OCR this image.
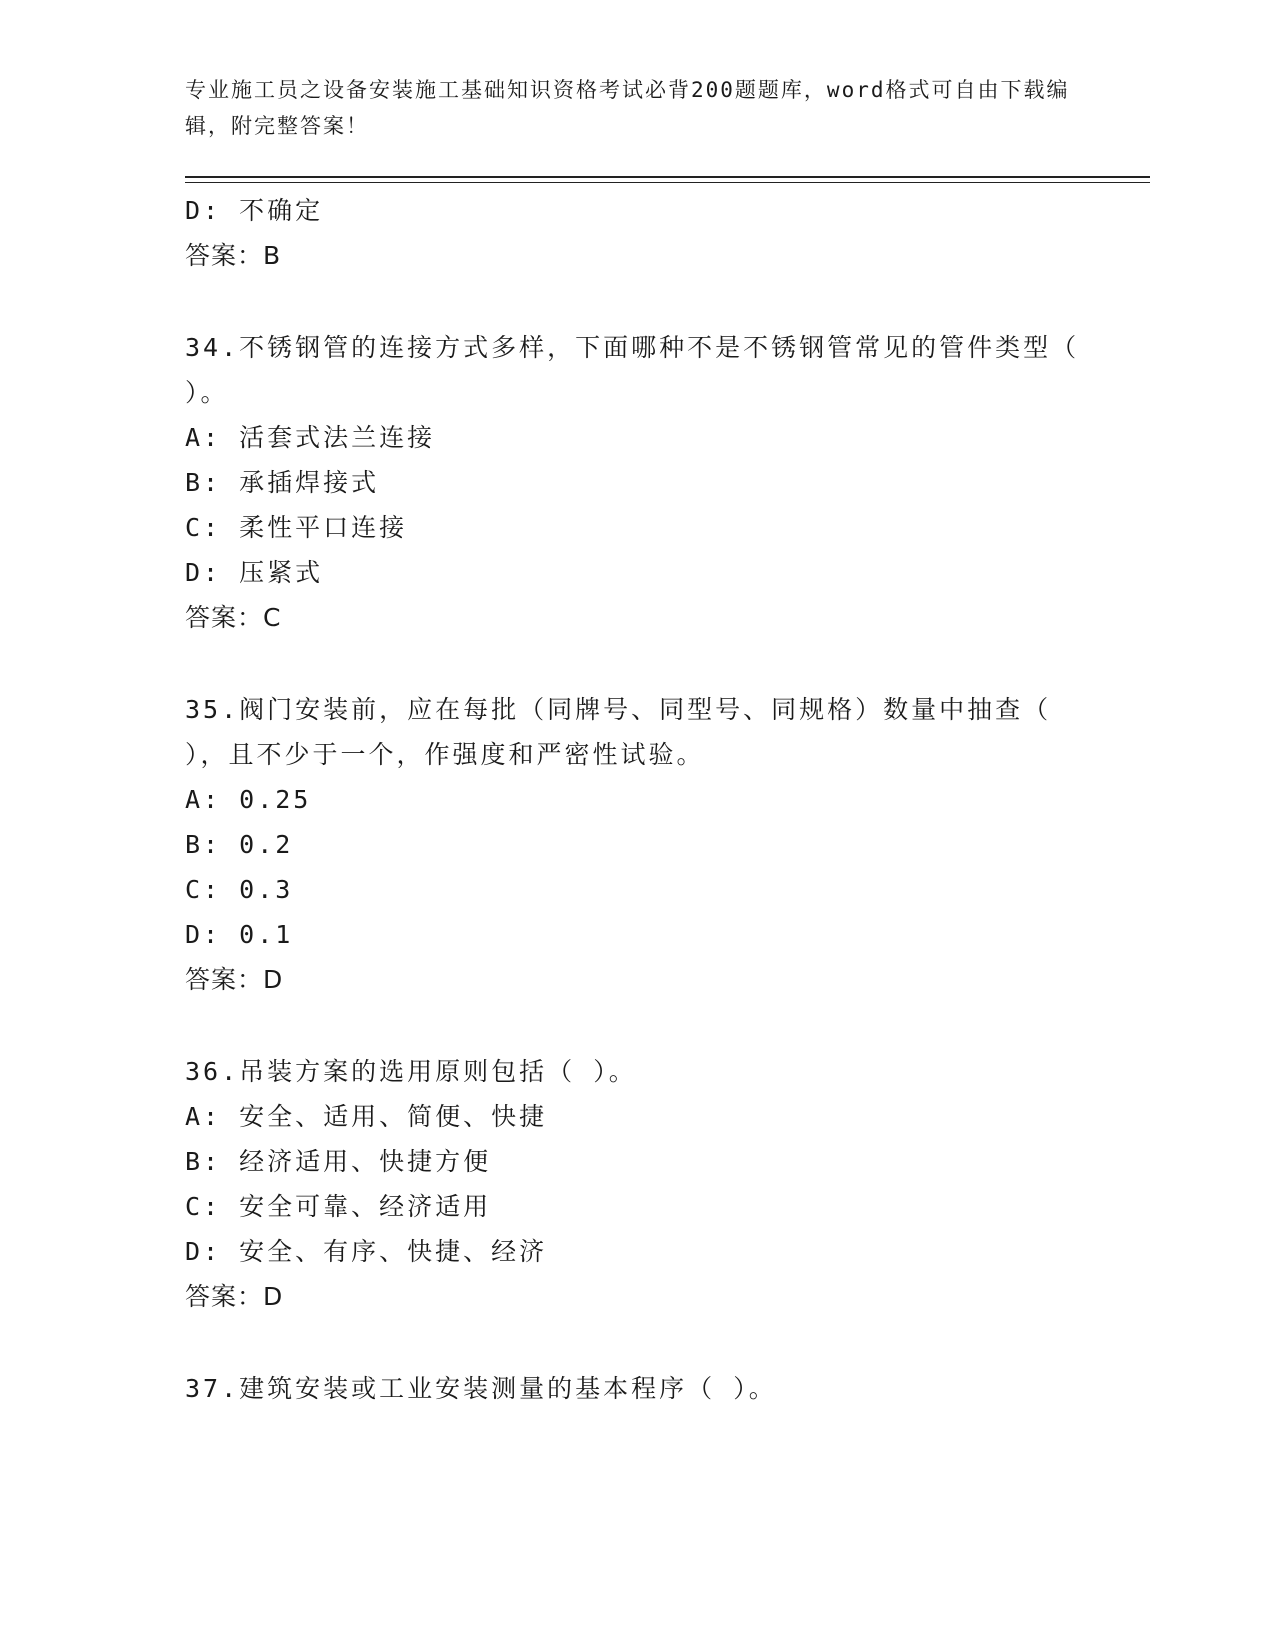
专业施工员之设备安装施工基础知识资格考试必背200题题库，word格式可自由下载编辑，附完整答案！
D: 不确定
答案：B
34.不锈钢管的连接方式多样，下面哪种不是不锈钢管常见的管件类型（ ）。
A: 活套式法兰连接
B: 承插焊接式
C: 柔性平口连接
D: 压紧式
答案：C
35.阀门安装前，应在每批（同牌号、同型号、同规格）数量中抽查（ ），且不少于一个，作强度和严密性试验。
A: 0.25
B: 0.2
C: 0.3
D: 0.1
答案：D
36.吊装方案的选用原则包括（ ）。
A: 安全、适用、简便、快捷
B: 经济适用、快捷方便
C: 安全可靠、经济适用
D: 安全、有序、快捷、经济
答案：D
37.建筑安装或工业安装测量的基本程序（ ）。
